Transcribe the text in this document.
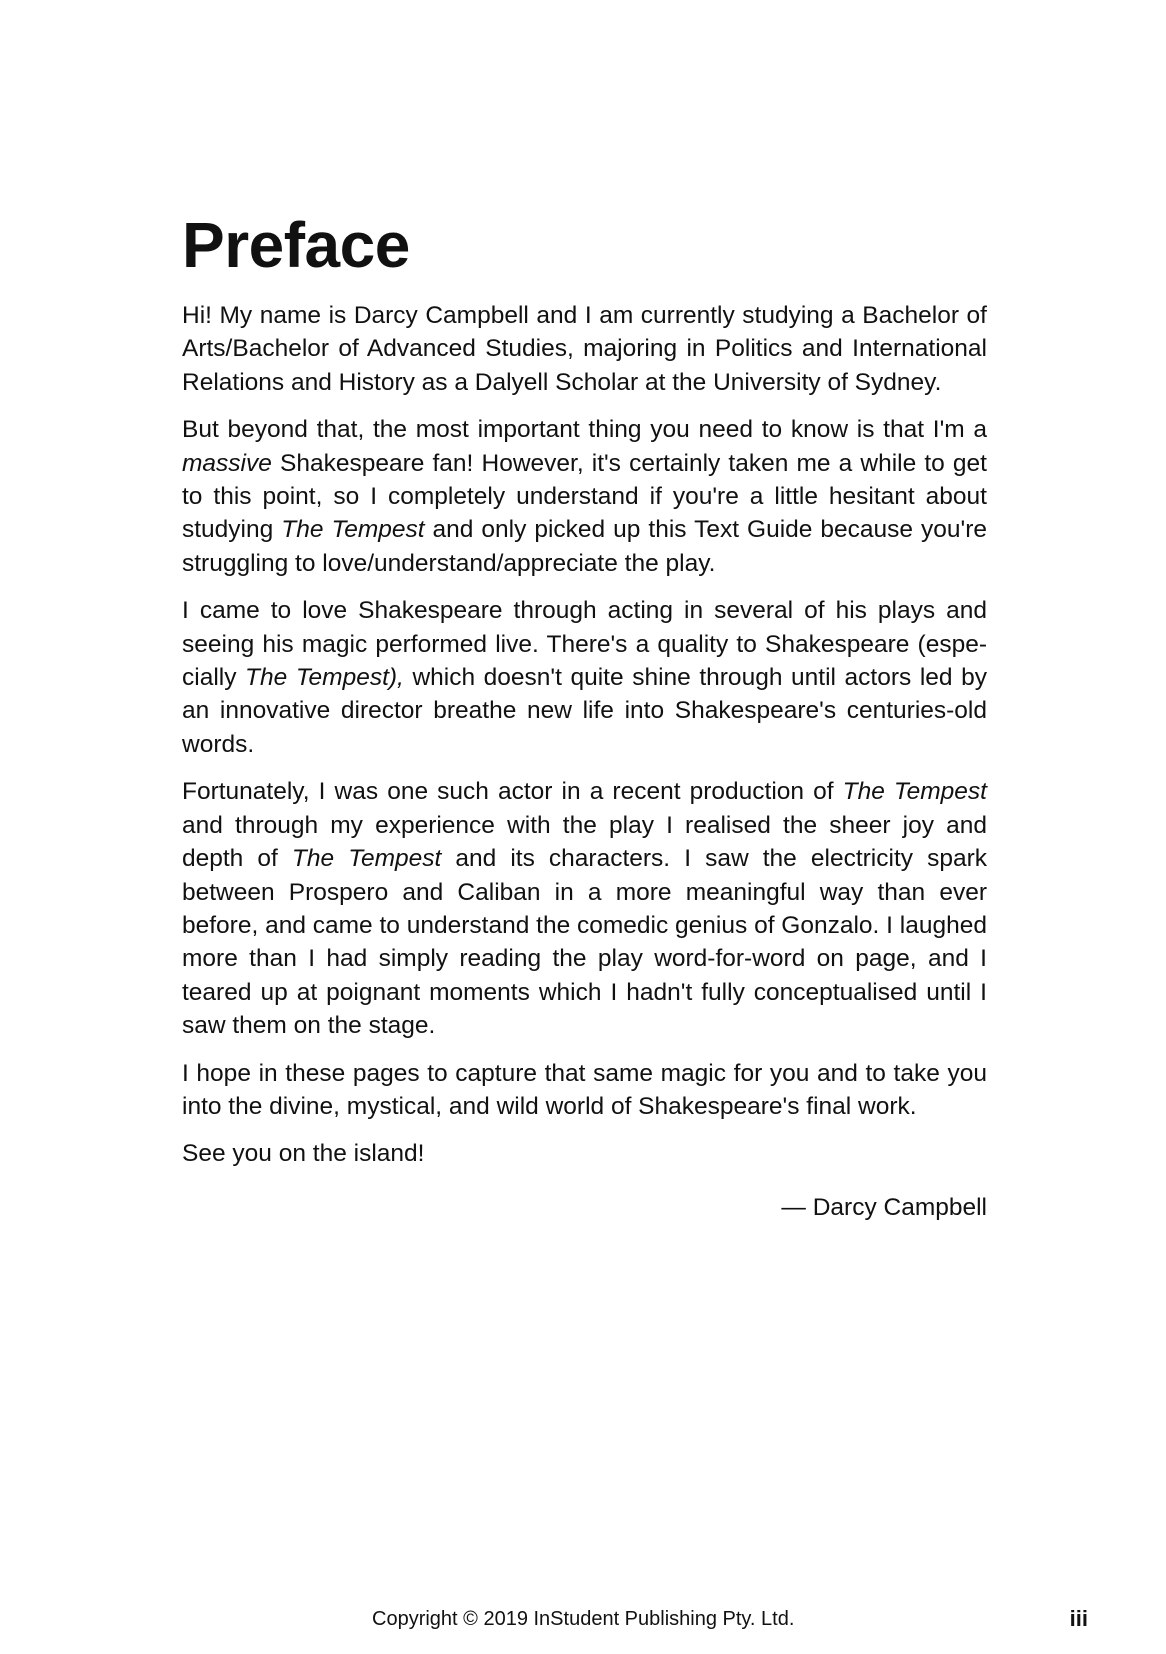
Preface

Hi! My name is Darcy Campbell and I am currently studying a Bachelor of Arts/Bachelor of Advanced Studies, majoring in Politics and International Relations and History as a Dalyell Scholar at the University of Sydney.

But beyond that, the most important thing you need to know is that I'm a massive Shakespeare fan! However, it's certainly taken me a while to get to this point, so I completely understand if you're a little hesitant about studying The Tempest and only picked up this Text Guide because you're struggling to love/understand/appreciate the play.

I came to love Shakespeare through acting in several of his plays and seeing his magic performed live. There's a quality to Shakespeare (especially The Tempest), which doesn't quite shine through until actors led by an innovative director breathe new life into Shakespeare's centuries-old words.

Fortunately, I was one such actor in a recent production of The Tempest and through my experience with the play I realised the sheer joy and depth of The Tempest and its characters. I saw the electricity spark between Prospero and Caliban in a more meaningful way than ever before, and came to understand the comedic genius of Gonzalo. I laughed more than I had simply reading the play word-for-word on page, and I teared up at poignant moments which I hadn't fully conceptualised until I saw them on the stage.

I hope in these pages to capture that same magic for you and to take you into the divine, mystical, and wild world of Shakespeare's final work.

See you on the island!

— Darcy Campbell

Copyright © 2019 InStudent Publishing Pty. Ltd.	iii
